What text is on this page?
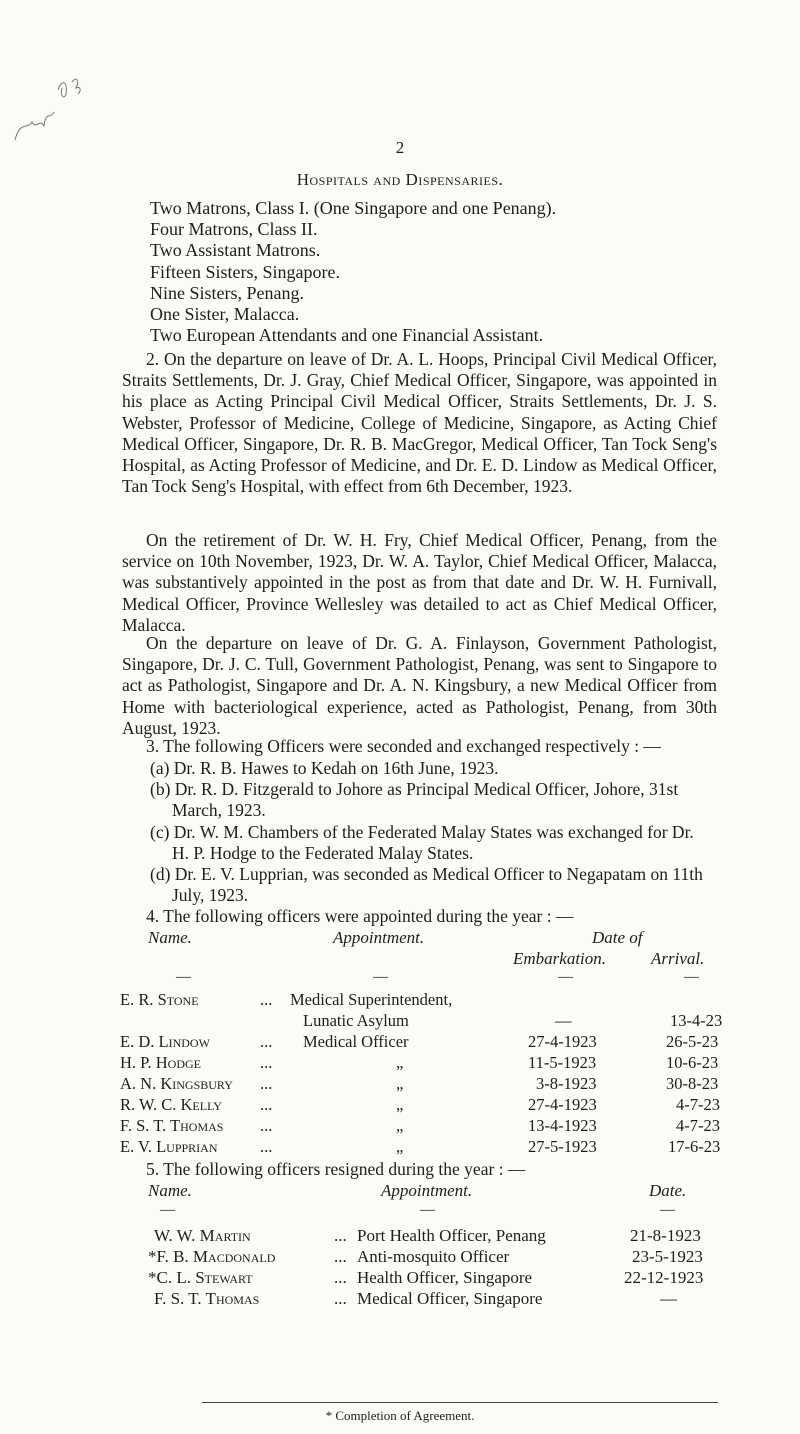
2
Hospitals and Dispensaries.
Two Matrons, Class I. (One Singapore and one Penang).
Four Matrons, Class II.
Two Assistant Matrons.
Fifteen Sisters, Singapore.
Nine Sisters, Penang.
One Sister, Malacca.
Two European Attendants and one Financial Assistant.

2. On the departure on leave of Dr. A. L. Hoops, Principal Civil Medical Officer, Straits Settlements, Dr. J. Gray, Chief Medical Officer, Singapore, was appointed in his place as Acting Principal Civil Medical Officer, Straits Settlements, Dr. J. S. Webster, Professor of Medicine, College of Medicine, Singapore, as Acting Chief Medical Officer, Singapore, Dr. R. B. MacGregor, Medical Officer, Tan Tock Seng's Hospital, as Acting Professor of Medicine, and Dr. E. D. Lindow as Medical Officer, Tan Tock Seng's Hospital, with effect from 6th December, 1923.

On the retirement of Dr. W. H. Fry, Chief Medical Officer, Penang, from the service on 10th November, 1923, Dr. W. A. Taylor, Chief Medical Officer, Malacca, was substantively appointed in the post as from that date and Dr. W. H. Furnivall, Medical Officer, Province Wellesley was detailed to act as Chief Medical Officer, Malacca.

On the departure on leave of Dr. G. A. Finlayson, Government Pathologist, Singapore, Dr. J. C. Tull, Government Pathologist, Penang, was sent to Singapore to act as Pathologist, Singapore and Dr. A. N. Kingsbury, a new Medical Officer from Home with bacteriological experience, acted as Pathologist, Penang, from 30th August, 1923.

3. The following Officers were seconded and exchanged respectively : —

(a) Dr. R. B. Hawes to Kedah on 16th June, 1923.

(b) Dr. R. D. Fitzgerald to Johore as Principal Medical Officer, Johore, 31st March, 1923.

(c) Dr. W. M. Chambers of the Federated Malay States was exchanged for Dr. H. P. Hodge to the Federated Malay States.

(d) Dr. E. V. Lupprian, was seconded as Medical Officer to Negapatam on 11th July, 1923.

4. The following officers were appointed during the year : —

Name.	Appointment.	Date of
Embarkation.	Arrival.
—	—	—	—
E. R. Stone	... Medical Superintendent,
Lunatic Asylum	—	13-4-23
E. D. Lindow	... Medical Officer	27-4-1923	26-5-23
H. P. Hodge	...	„	11-5-1923	10-6-23
A. N. Kingsbury ...	„	3-8-1923	30-8-23
R. W. C. Kelly ...	„	27-4-1923	4-7-23
F. S. T. Thomas ...	„	13-4-1923	4-7-23
E. V. Lupprian	...	„	27-5-1923	17-6-23

5. The following officers resigned during the year : —

Name.	Appointment.	Date.
—	—	—
W. W. Martin	... Port Health Officer, Penang	21-8-1923
*F. B. Macdonald	... Anti-mosquito Officer	23-5-1923
*C. L. Stewart	... Health Officer, Singapore	22-12-1923
F. S. T. Thomas	... Medical Officer, Singapore	—
* Completion of Agreement.
